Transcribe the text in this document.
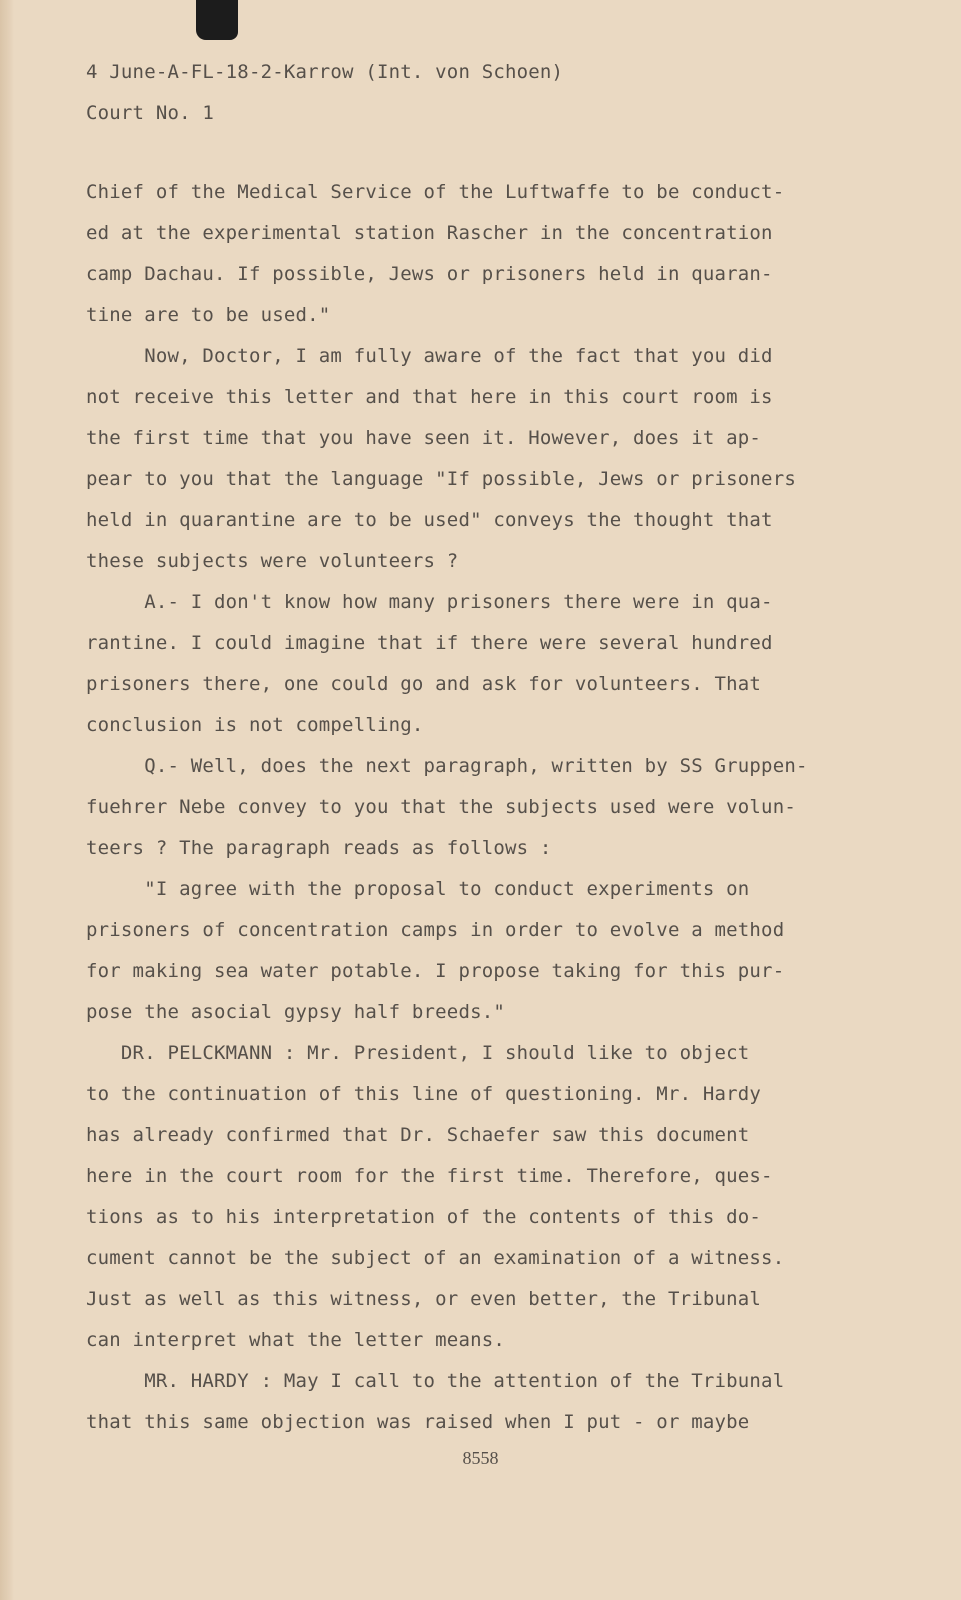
4 June-A-FL-18-2-Karrow (Int. von Schoen)
Court No. 1
Chief of the Medical Service of the Luftwaffe to be conduct-
ed at the experimental station Rascher in the concentration
camp Dachau. If possible, Jews or prisoners held in quaran-
tine are to be used."
Now, Doctor, I am fully aware of the fact that you did
not receive this letter and that here in this court room is
the first time that you have seen it. However, does it ap-
pear to you that the language "If possible, Jews or prisoners
held in quarantine are to be used" conveys the thought that
these subjects were volunteers ?
A.- I don't know how many prisoners there were in qua-
rantine. I could imagine that if there were several hundred
prisoners there, one could go and ask for volunteers. That
conclusion is not compelling.
Q.- Well, does the next paragraph, written by SS Gruppen-
fuehrer Nebe convey to you that the subjects used were volun-
teers ? The paragraph reads as follows :
"I agree with the proposal to conduct experiments on
prisoners of concentration camps in order to evolve a method
for making sea water potable. I propose taking for this pur-
pose the asocial gypsy half breeds."
DR. PELCKMANN : Mr. President, I should like to object
to the continuation of this line of questioning. Mr. Hardy
has already confirmed that Dr. Schaefer saw this document
here in the court room for the first time. Therefore, ques-
tions as to his interpretation of the contents of this do-
cument cannot be the subject of an examination of a witness.
Just as well as this witness, or even better, the Tribunal
can interpret what the letter means.
MR. HARDY : May I call to the attention of the Tribunal
that this same objection was raised when I put - or maybe
8558
